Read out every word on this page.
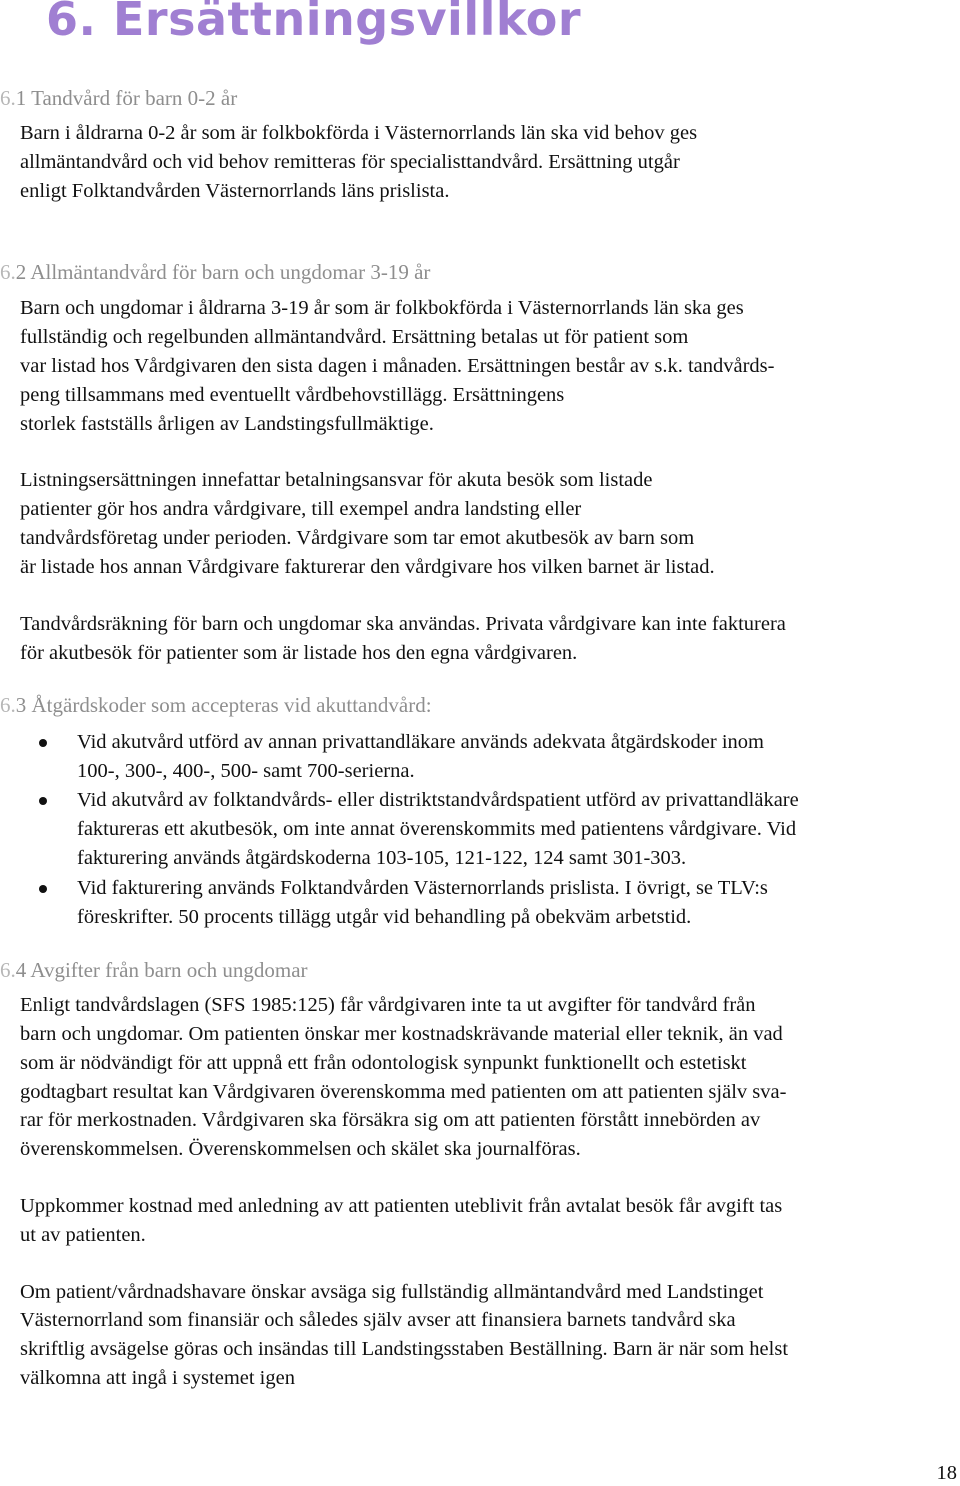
6. Ersättningsvillkor
6.1 Tandvård för barn 0-2 år
Barn i åldrarna 0-2 år som är folkbokförda i Västernorrlands län ska vid behov ges
allmäntandvård och vid behov remitteras för specialisttandvård. Ersättning utgår
enligt Folktandvården Västernorrlands läns prislista.
6.2 Allmäntandvård för barn och ungdomar 3-19 år
Barn och ungdomar i åldrarna 3-19 år som är folkbokförda i Västernorrlands län ska ges
fullständig och regelbunden allmäntandvård. Ersättning betalas ut för patient som
var listad hos Vårdgivaren den sista dagen i månaden. Ersättningen består av s.k. tandvårds-
peng tillsammans med eventuellt vårdbehovstillägg. Ersättningens
storlek fastställs årligen av Landstingsfullmäktige.
Listningsersättningen innefattar betalningsansvar för akuta besök som listade
patienter gör hos andra vårdgivare, till exempel andra landsting eller
tandvårdsföretag under perioden. Vårdgivare som tar emot akutbesök av barn som
är listade hos annan Vårdgivare fakturerar den vårdgivare hos vilken barnet är listad.
Tandvårdsräkning för barn och ungdomar ska användas. Privata vårdgivare kan inte fakturera
för akutbesök för patienter som är listade hos den egna vårdgivaren.
6.3 Åtgärdskoder som accepteras vid akuttandvård:
Vid akutvård utförd av annan privattandläkare används adekvata åtgärdskoder inom
100-, 300-, 400-, 500- samt 700-serierna.
Vid akutvård av folktandvårds- eller distriktstandvårdspatient utförd av privattandläkare
faktureras ett akutbesök, om inte annat överenskommits med patientens vårdgivare. Vid
fakturering används åtgärdskoderna 103-105, 121-122, 124 samt 301-303.
Vid fakturering används Folktandvården Västernorrlands prislista. I övrigt, se TLV:s
föreskrifter. 50 procents tillägg utgår vid behandling på obekväm arbetstid.
6.4 Avgifter från barn och ungdomar
Enligt tandvårdslagen (SFS 1985:125) får vårdgivaren inte ta ut avgifter för tandvård från
barn och ungdomar. Om patienten önskar mer kostnadskrävande material eller teknik, än vad
som är nödvändigt för att uppnå ett från odontologisk synpunkt funktionellt och estetiskt
godtagbart resultat kan Vårdgivaren överenskomma med patienten om att patienten själv sva-
rar för merkostnaden. Vårdgivaren ska försäkra sig om att patienten förstått innebörden av
överenskommelsen. Överenskommelsen och skälet ska journalföras.
Uppkommer kostnad med anledning av att patienten uteblivit från avtalat besök får avgift tas
ut av patienten.
Om patient/vårdnadshavare önskar avsäga sig fullständig allmäntandvård med Landstinget
Västernorrland som finansiär och således själv avser att finansiera barnets tandvård ska
skriftlig avsägelse göras och insändas till Landstingsstaben Beställning. Barn är när som helst
välkomna att ingå i systemet igen
18
